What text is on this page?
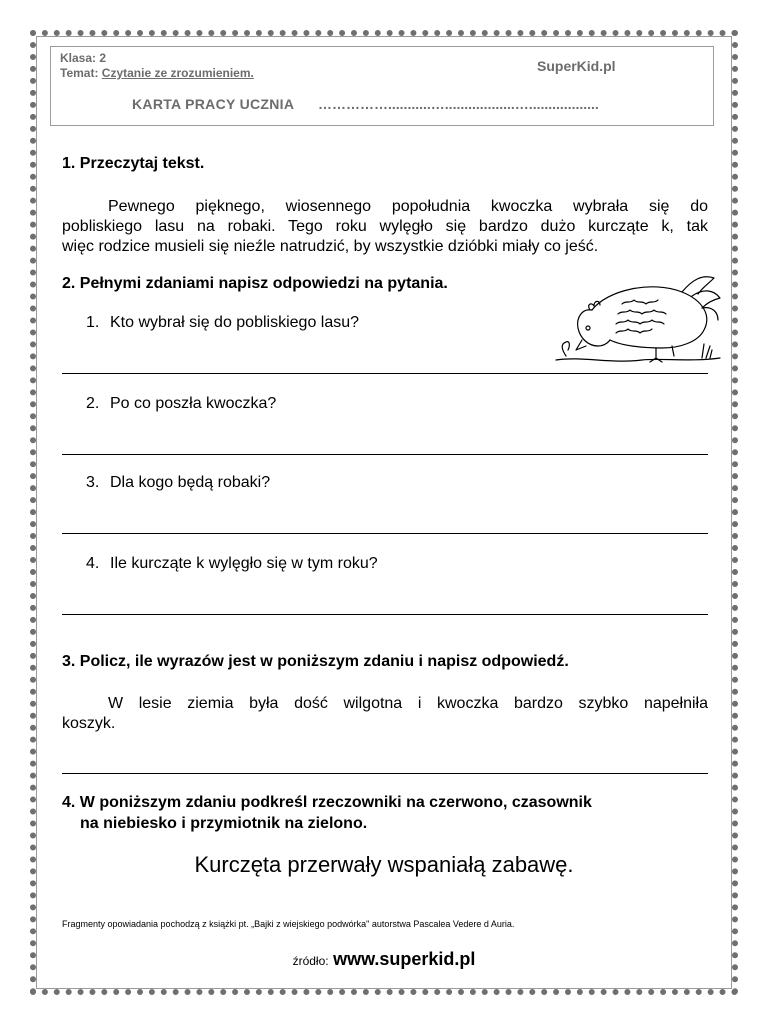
Klasa: 2
Temat: Czytanie ze zrozumieniem.	SuperKid.pl
KARTA PRACY UCZNIA ……………...........…..................…..................
1. Przeczytaj tekst.
Pewnego pięknego, wiosennego popołudnia kwoczka wybrała się do
pobliskiego lasu na robaki. Tego roku wylęgło się bardzo dużo kurcząte k, tak
więc rodzice musieli się nieźle natrudzić, by wszystkie dzióbki miały co jeść.
2. Pełnymi zdaniami napisz odpowiedzi na pytania.
1. Kto wybrał się do pobliskiego lasu?
2. Po co poszła kwoczka?
3. Dla kogo będą robaki?
4. Ile kurcząte k wylęgło się w tym roku?
3. Policz, ile wyrazów jest w poniższym zdaniu i napisz odpowiedź.
W lesie ziemia była dość wilgotna i kwoczka bardzo szybko napełniła
koszyk.
4. W poniższym zdaniu podkreśl rzeczowniki na czerwono, czasownik
na niebiesko i przymiotnik na zielono.
Kurczęta przerwały wspaniałą zabawę.
Fragmenty opowiadania pochodzą z książki pt. „Bajki z wiejskiego podwórka" autorstwa Pascalea Vedere d Auria.
źródło: www.superkid.pl
